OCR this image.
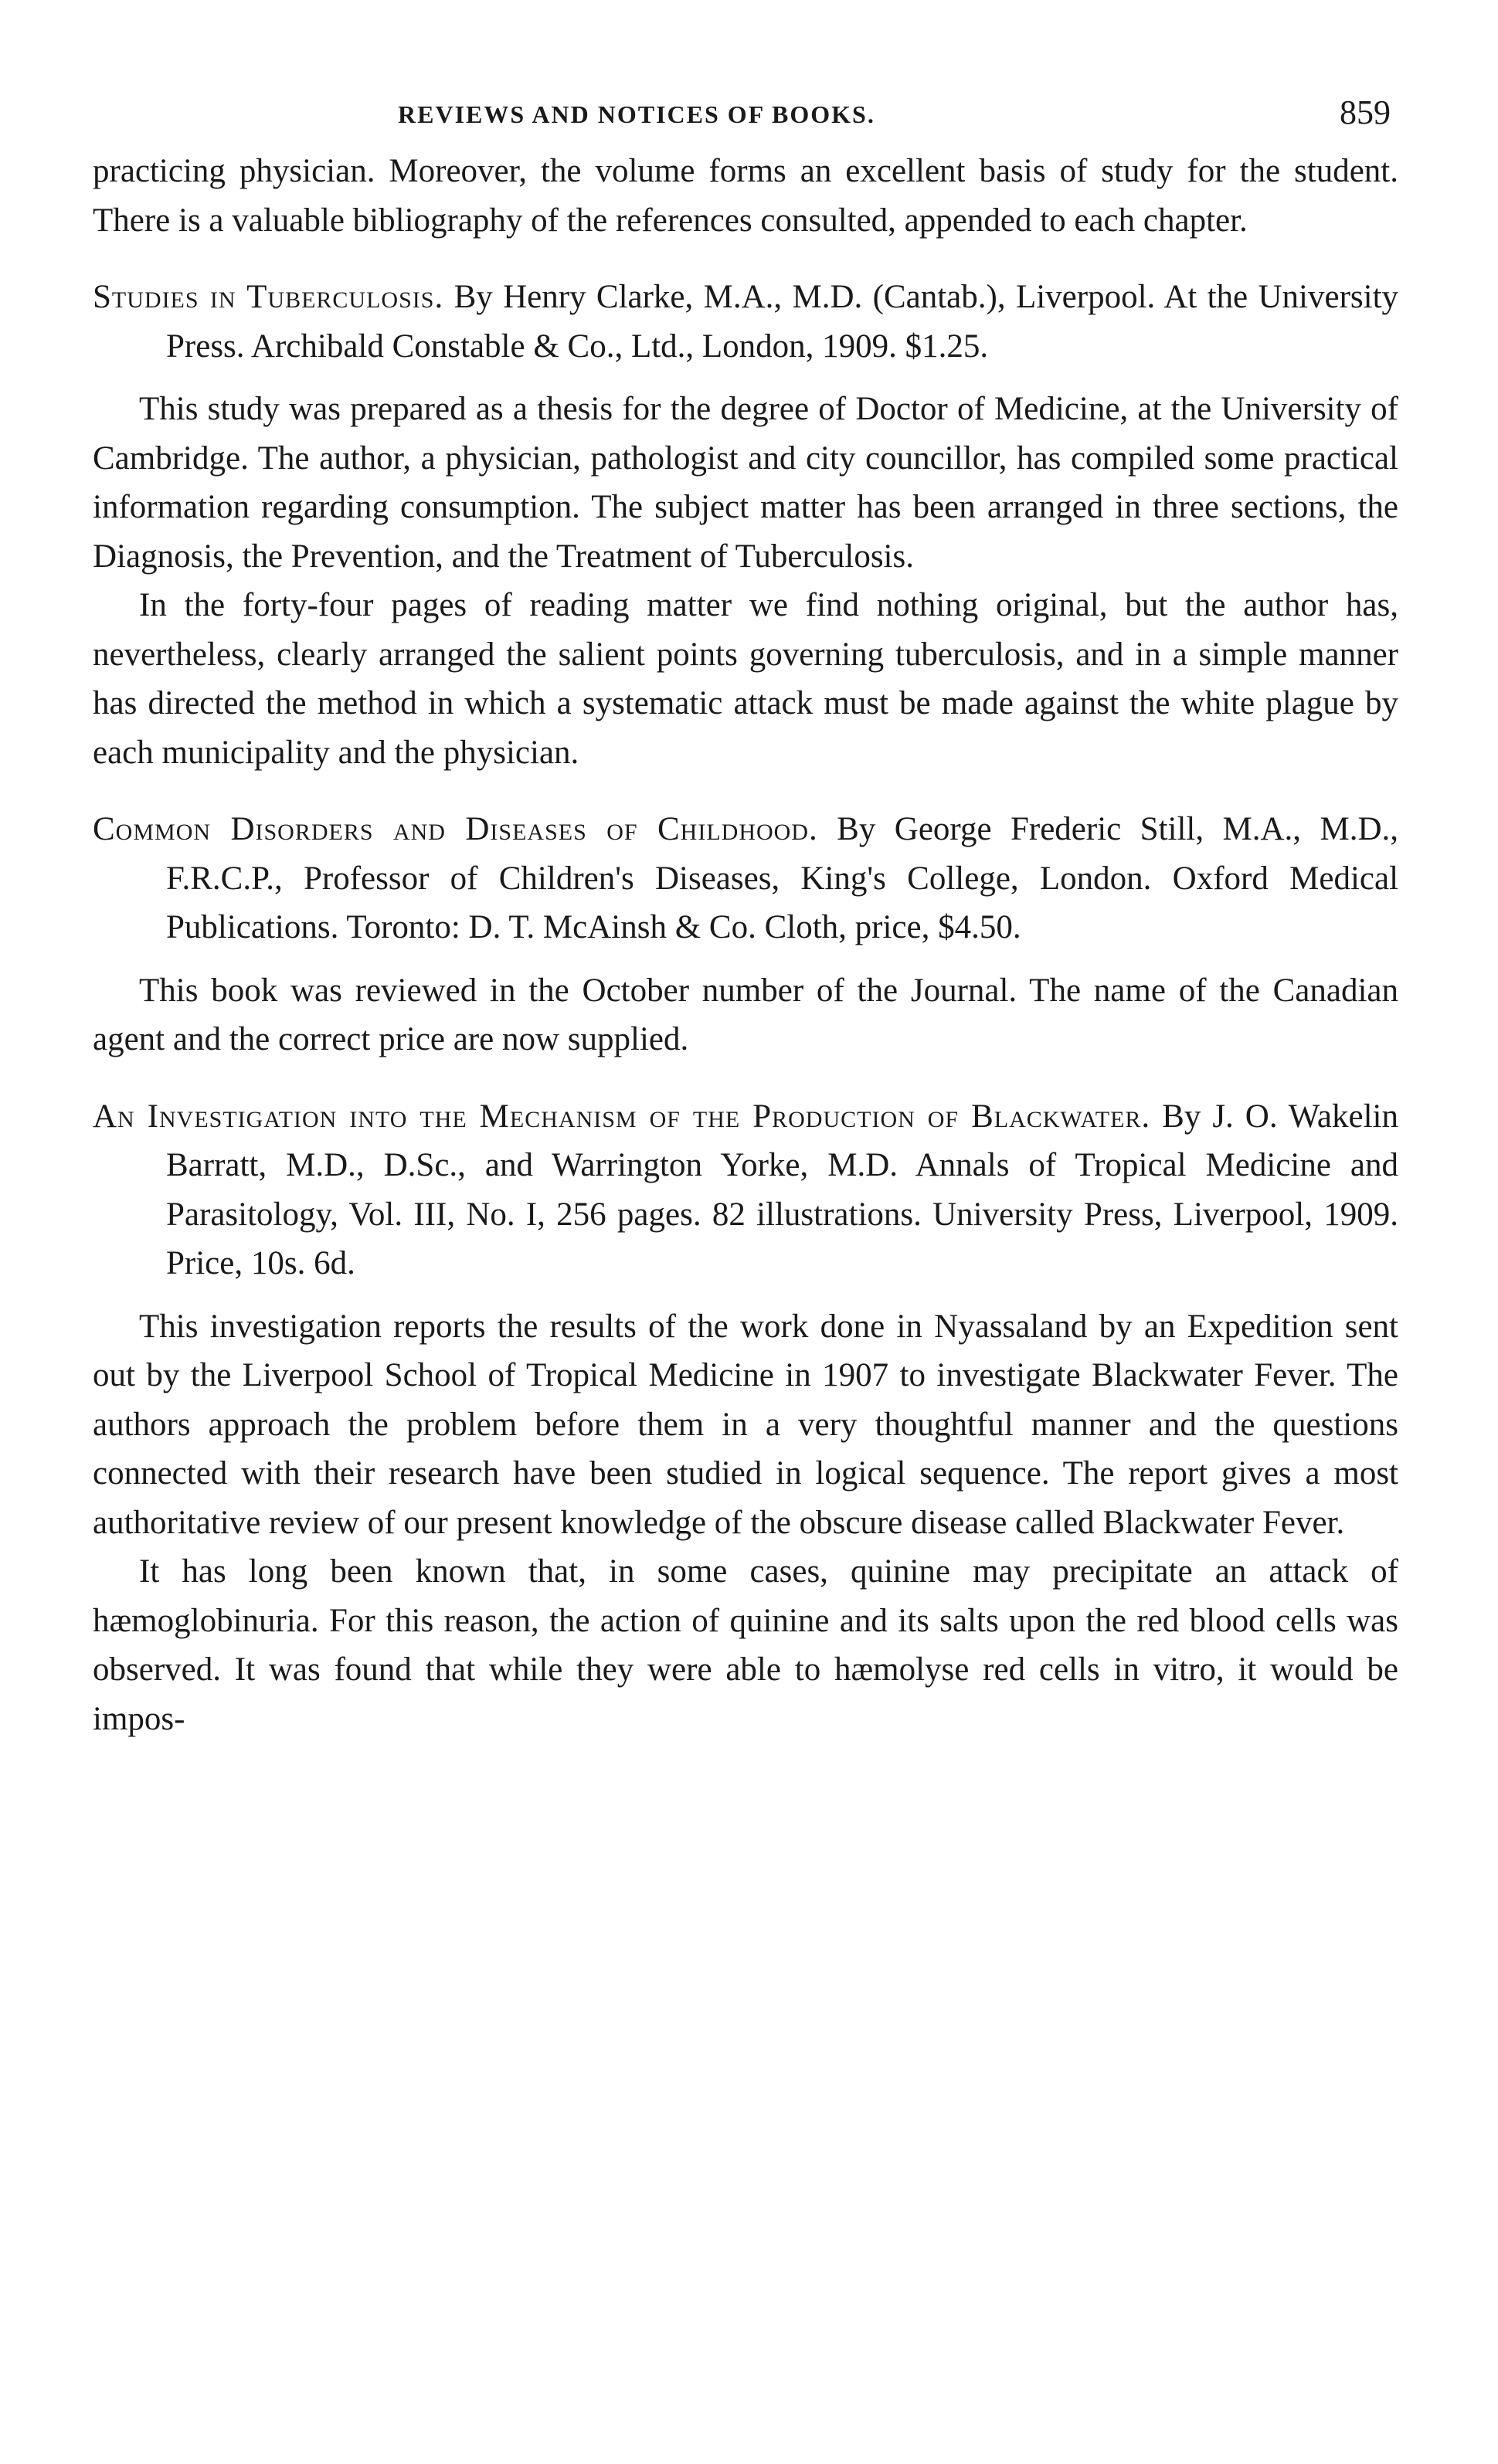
REVIEWS AND NOTICES OF BOOKS.	859

practicing physician. Moreover, the volume forms an excellent basis of study for the student. There is a valuable bibliography of the references consulted, appended to each chapter.

Studies in Tuberculosis. By Henry Clarke, M.A., M.D. (Cantab.), Liverpool. At the University Press. Archibald Constable & Co., Ltd., London, 1909. $1.25.

This study was prepared as a thesis for the degree of Doctor of Medicine, at the University of Cambridge. The author, a physician, pathologist and city councillor, has compiled some practical information regarding consumption. The subject matter has been arranged in three sections, the Diagnosis, the Prevention, and the Treatment of Tuberculosis.

In the forty-four pages of reading matter we find nothing original, but the author has, nevertheless, clearly arranged the salient points governing tuberculosis, and in a simple manner has directed the method in which a systematic attack must be made against the white plague by each municipality and the physician.

Common Disorders and Diseases of Childhood. By George Frederic Still, M.A., M.D., F.R.C.P., Professor of Children's Diseases, King's College, London. Oxford Medical Publications. Toronto: D. T. McAinsh & Co. Cloth, price, $4.50.

This book was reviewed in the October number of the Journal. The name of the Canadian agent and the correct price are now supplied.

An Investigation into the Mechanism of the Production of Blackwater. By J. O. Wakelin Barratt, M.D., D.Sc., and Warrington Yorke, M.D. Annals of Tropical Medicine and Parasitology, Vol. III, No. I, 256 pages. 82 illustrations. University Press, Liverpool, 1909. Price, 10s. 6d.

This investigation reports the results of the work done in Nyassaland by an Expedition sent out by the Liverpool School of Tropical Medicine in 1907 to investigate Blackwater Fever. The authors approach the problem before them in a very thoughtful manner and the questions connected with their research have been studied in logical sequence. The report gives a most authoritative review of our present knowledge of the obscure disease called Blackwater Fever.

It has long been known that, in some cases, quinine may precipitate an attack of hæmoglobinuria. For this reason, the action of quinine and its salts upon the red blood cells was observed. It was found that while they were able to hæmolyse red cells in vitro, it would be impos-
